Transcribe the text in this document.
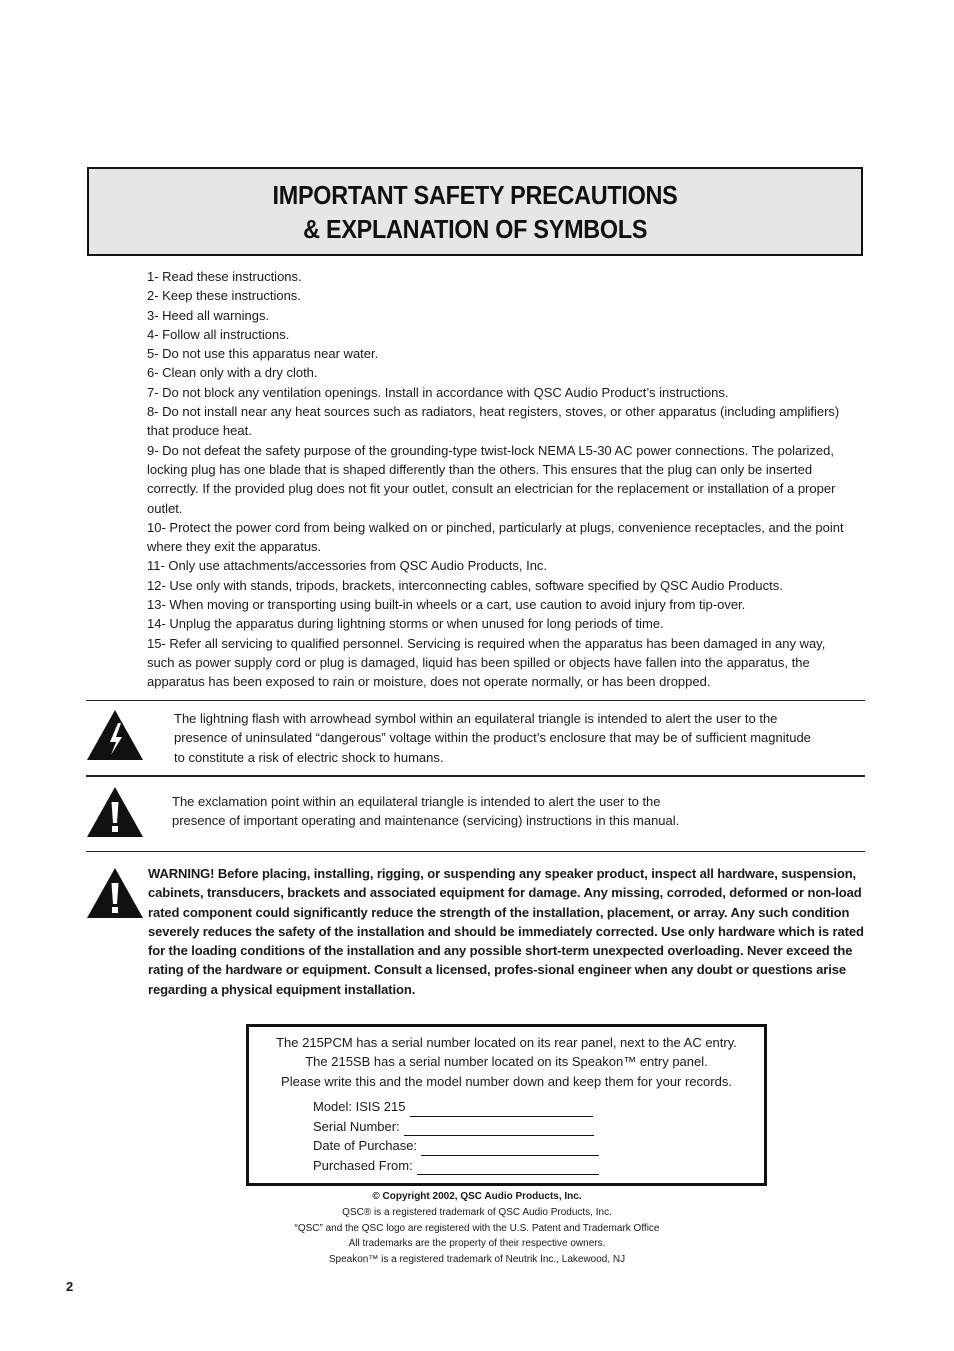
IMPORTANT SAFETY PRECAUTIONS
& EXPLANATION OF SYMBOLS

1- Read these instructions.

2- Keep these instructions.

3- Heed all warnings.

4- Follow all instructions.

5- Do not use this apparatus near water.

6- Clean only with a dry cloth.

7- Do not block any ventilation openings. Install in accordance with QSC Audio Product’s instructions.

8- Do not install near any heat sources such as radiators, heat registers, stoves, or other apparatus (including amplifiers) that produce heat.

9- Do not defeat the safety purpose of the grounding-type twist-lock NEMA L5-30 AC power connections. The polarized, locking plug has one blade that is shaped differently than the others. This ensures that the plug can only be inserted correctly. If the provided plug does not fit your outlet, consult an electrician for the replacement or installation of a proper outlet.

10- Protect the power cord from being walked on or pinched, particularly at plugs, convenience receptacles, and the point where they exit the apparatus.

11- Only use attachments/accessories from QSC Audio Products, Inc.

12- Use only with stands, tripods, brackets, interconnecting cables, software specified by QSC Audio Products.

13- When moving or transporting using built-in wheels or a cart, use caution to avoid injury from tip-over.

14- Unplug the apparatus during lightning storms or when unused for long periods of time.

15- Refer all servicing to qualified personnel. Servicing is required when the apparatus has been damaged in any way, such as power supply cord or plug is damaged, liquid has been spilled or objects have fallen into the apparatus, the apparatus has been exposed to rain or moisture, does not operate normally, or has been dropped.

The lightning flash with arrowhead symbol within an equilateral triangle is intended to alert the user to the presence of uninsulated “dangerous” voltage within the product’s enclosure that may be of sufficient magnitude to constitute a risk of electric shock to humans.
The exclamation point within an equilateral triangle is intended to alert the user to the presence of important operating and maintenance (servicing) instructions in this manual.
WARNING! Before placing, installing, rigging, or suspending any speaker product, inspect all hardware, suspension, cabinets, transducers, brackets and associated equipment for damage. Any missing, corroded, deformed or non-load rated component could significantly reduce the strength of the installation, placement, or array. Any such condition severely reduces the safety of the installation and should be immediately corrected. Use only hardware which is rated for the loading conditions of the installation and any possible short-term unexpected overloading. Never exceed the rating of the hardware or equipment. Consult a licensed, profes-sional engineer when any doubt or questions arise regarding a physical equipment installation.
The 215PCM has a serial number located on its rear panel, next to the AC entry.
The 215SB has a serial number located on its Speakon™ entry panel.
Please write this and the model number down and keep them for your records.
Model: ISIS 215
Serial Number:
Date of Purchase:
Purchased From:
© Copyright 2002, QSC Audio Products, Inc.
QSC® is a registered trademark of QSC Audio Products, Inc.
“QSC” and the QSC logo are registered with the U.S. Patent and Trademark Office
All trademarks are the property of their respective owners.
Speakon™ is a registered trademark of Neutrik Inc., Lakewood, NJ
2
